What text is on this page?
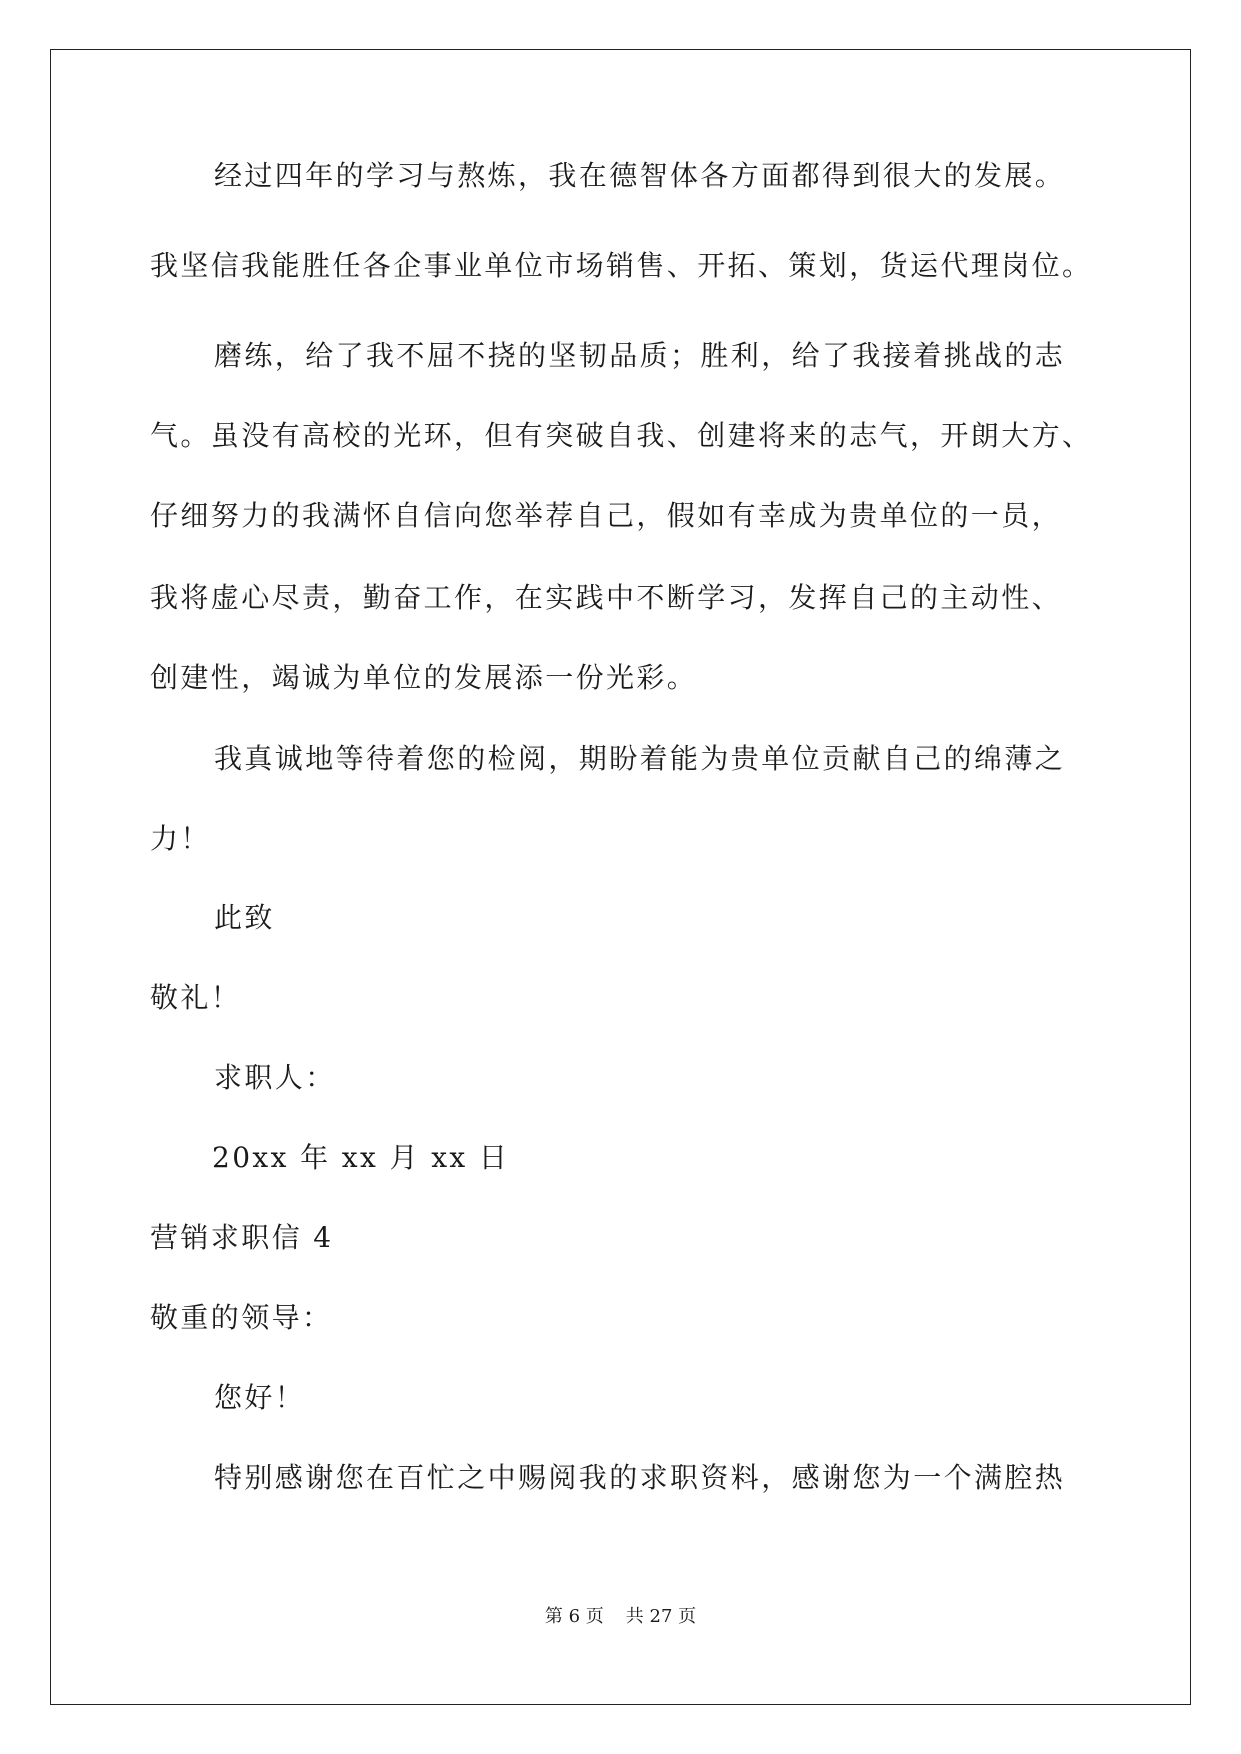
经过四年的学习与熬炼，我在德智体各方面都得到很大的发展。
我坚信我能胜任各企事业单位市场销售、开拓、策划，货运代理岗位。
磨练，给了我不屈不挠的坚韧品质；胜利，给了我接着挑战的志
气。虽没有高校的光环，但有突破自我、创建将来的志气，开朗大方、
仔细努力的我满怀自信向您举荐自己，假如有幸成为贵单位的一员，
我将虚心尽责，勤奋工作，在实践中不断学习，发挥自己的主动性、
创建性，竭诚为单位的发展添一份光彩。
我真诚地等待着您的检阅，期盼着能为贵单位贡献自己的绵薄之
力！
此致
敬礼！
求职人：
20xx 年 xx 月 xx 日
营销求职信 4
敬重的领导：
您好！
特别感谢您在百忙之中赐阅我的求职资料，感谢您为一个满腔热
第 6 页 共 27 页
